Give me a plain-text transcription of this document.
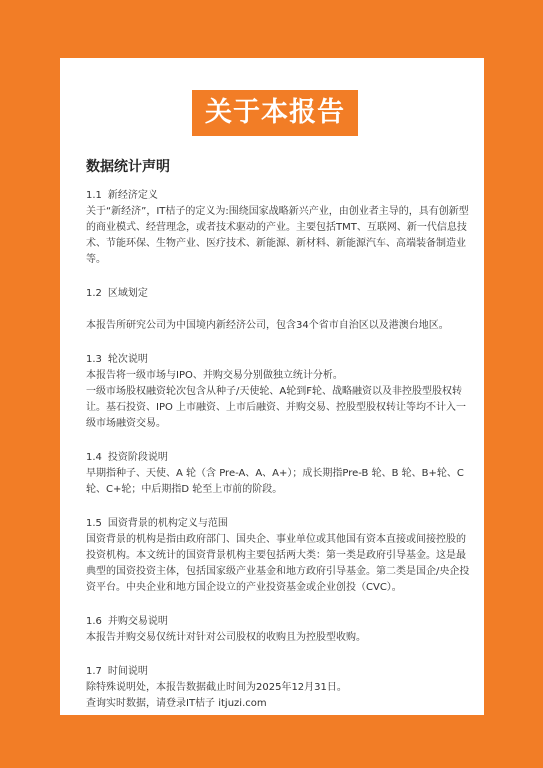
关于本报告
数据统计声明
1.1 新经济定义

关于“新经济”，IT桔子的定义为:围绕国家战略新兴产业，由创业者主导的，具有创新型的商业模式、经营理念，或者技术驱动的产业。主要包括TMT、互联网、新一代信息技术、节能环保、生物产业、医疗技术、新能源、新材料、新能源汽车、高端装备制造业等。

1.2 区域划定

本报告所研究公司为中国境内新经济公司，包含34个省市自治区以及港澳台地区。

1.3 轮次说明

本报告将一级市场与IPO、并购交易分别做独立统计分析。

一级市场股权融资轮次包含从种子/天使轮、A轮到F轮、战略融资以及非控股型股权转让。基石投资、IPO 上市融资、上市后融资、并购交易、控股型股权转让等均不计入一级市场融资交易。

1.4 投资阶段说明

早期指种子、天使、A 轮（含 Pre-A、A、A+）；成长期指Pre-B 轮、B 轮、B+轮、C 轮、C+轮；中后期指D 轮至上市前的阶段。

1.5 国资背景的机构定义与范围

国资背景的机构是指由政府部门、国央企、事业单位或其他国有资本直接或间接控股的投资机构。本文统计的国资背景机构主要包括两大类：第一类是政府引导基金。这是最典型的国资投资主体，包括国家级产业基金和地方政府引导基金。第二类是国企/央企投资平台。中央企业和地方国企设立的产业投资基金或企业创投（CVC）。

1.6 并购交易说明

本报告并购交易仅统计对针对公司股权的收购且为控股型收购。

1.7 时间说明

除特殊说明处，本报告数据截止时间为2025年12月31日。

查询实时数据，请登录IT桔子 itjuzi.com
